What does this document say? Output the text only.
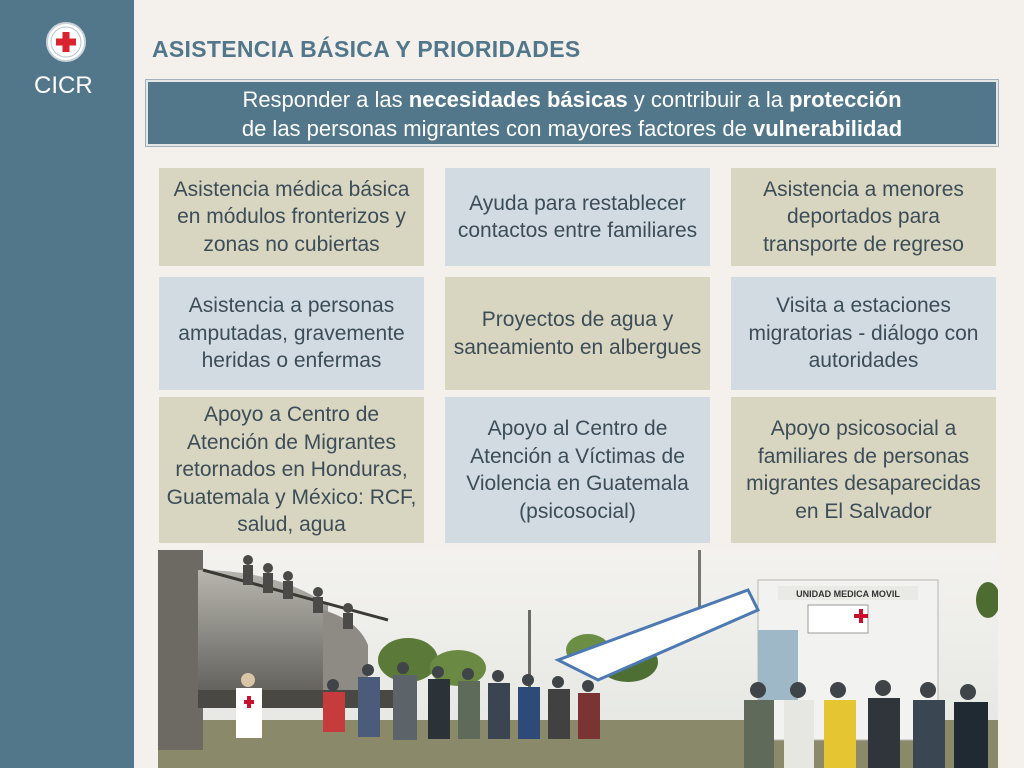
CICR
ASISTENCIA BÁSICA Y PRIORIDADES
Responder a las necesidades básicas y contribuir a la protección
de las personas migrantes con mayores factores de vulnerabilidad
Asistencia médica básica en módulos fronterizos y zonas no cubiertas
Ayuda para restablecer contactos entre familiares
Asistencia a menores deportados para transporte de regreso
Asistencia a personas amputadas, gravemente heridas o enfermas
Proyectos de agua y saneamiento en albergues
Visita a estaciones migratorias - diálogo con autoridades
Apoyo a Centro de Atención de Migrantes retornados en Honduras, Guatemala y México: RCF, salud, agua
Apoyo al Centro de Atención a Víctimas de Violencia en Guatemala (psicosocial)
Apoyo psicosocial a familiares de personas migrantes desaparecidas en El Salvador
UNIDAD MEDICA MOVIL
